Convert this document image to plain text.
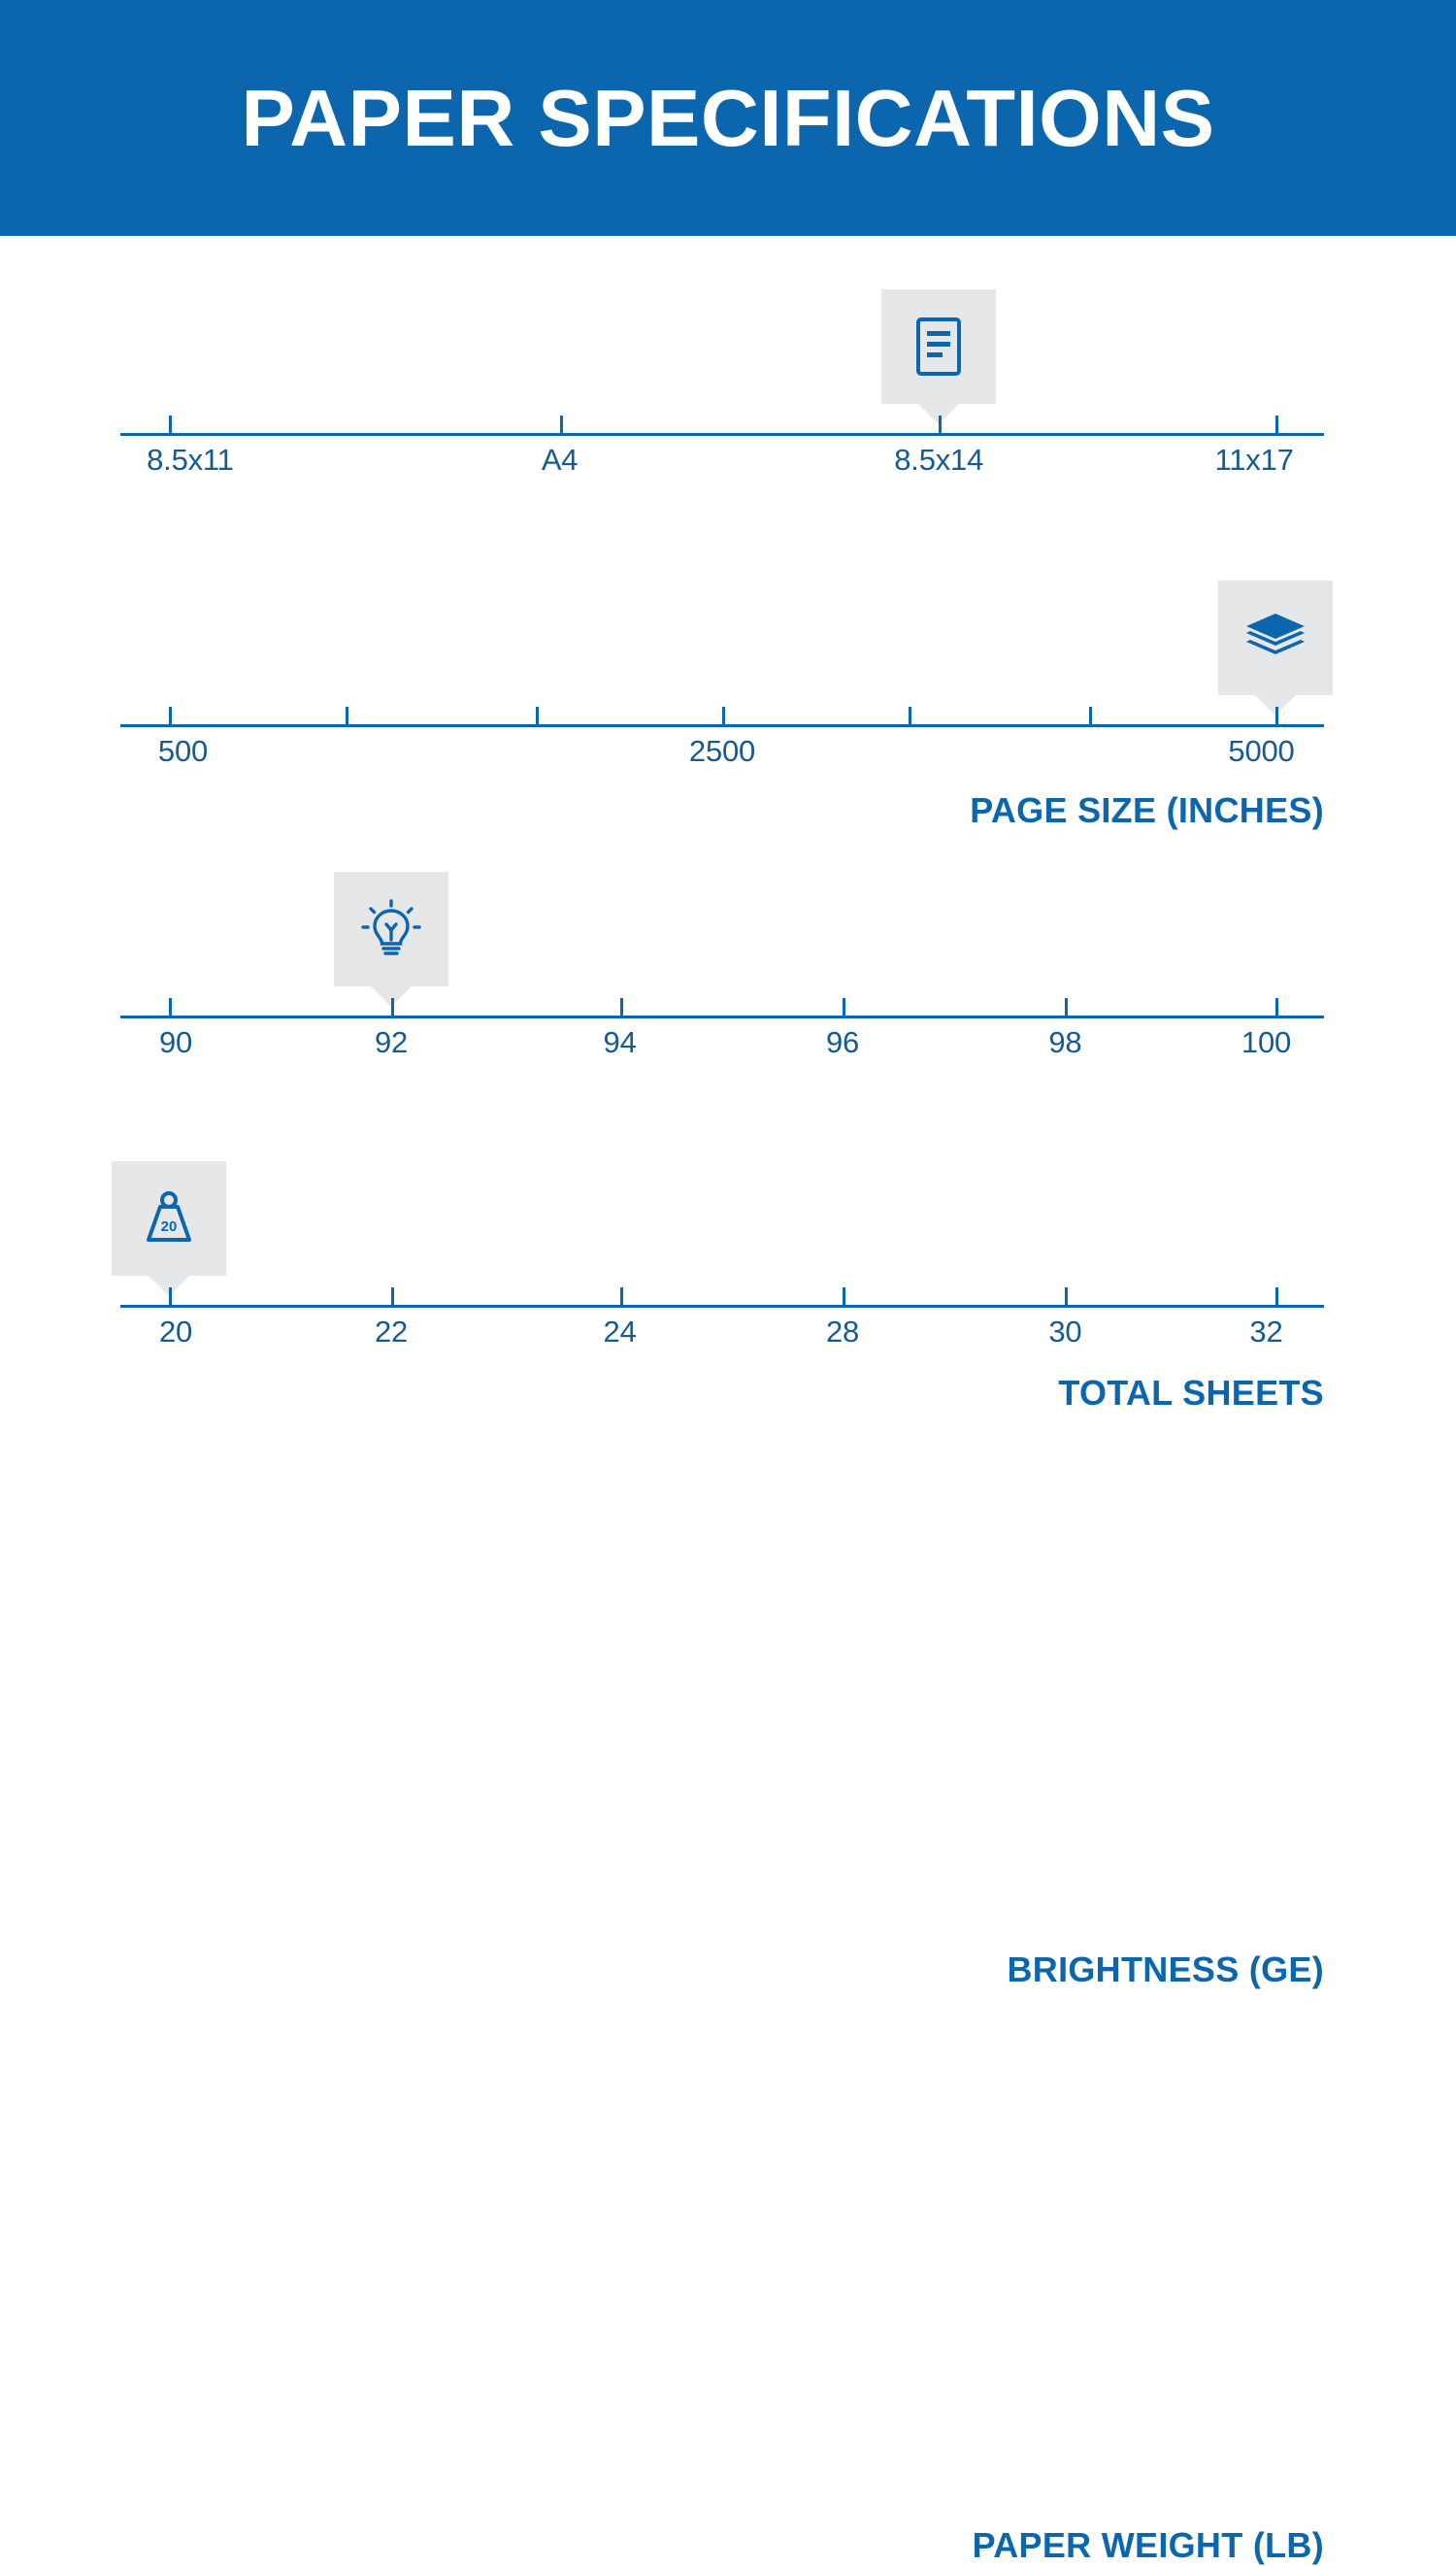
PAPER SPECIFICATIONS
8.5x11	A4	8.5x14	11x17
PAGE SIZE (INCHES)
500	2500	5000
TOTAL SHEETS
90	92	94	96	98	100
BRIGHTNESS (GE)
20
20	22	24	28	30	32
PAPER WEIGHT (LB)
